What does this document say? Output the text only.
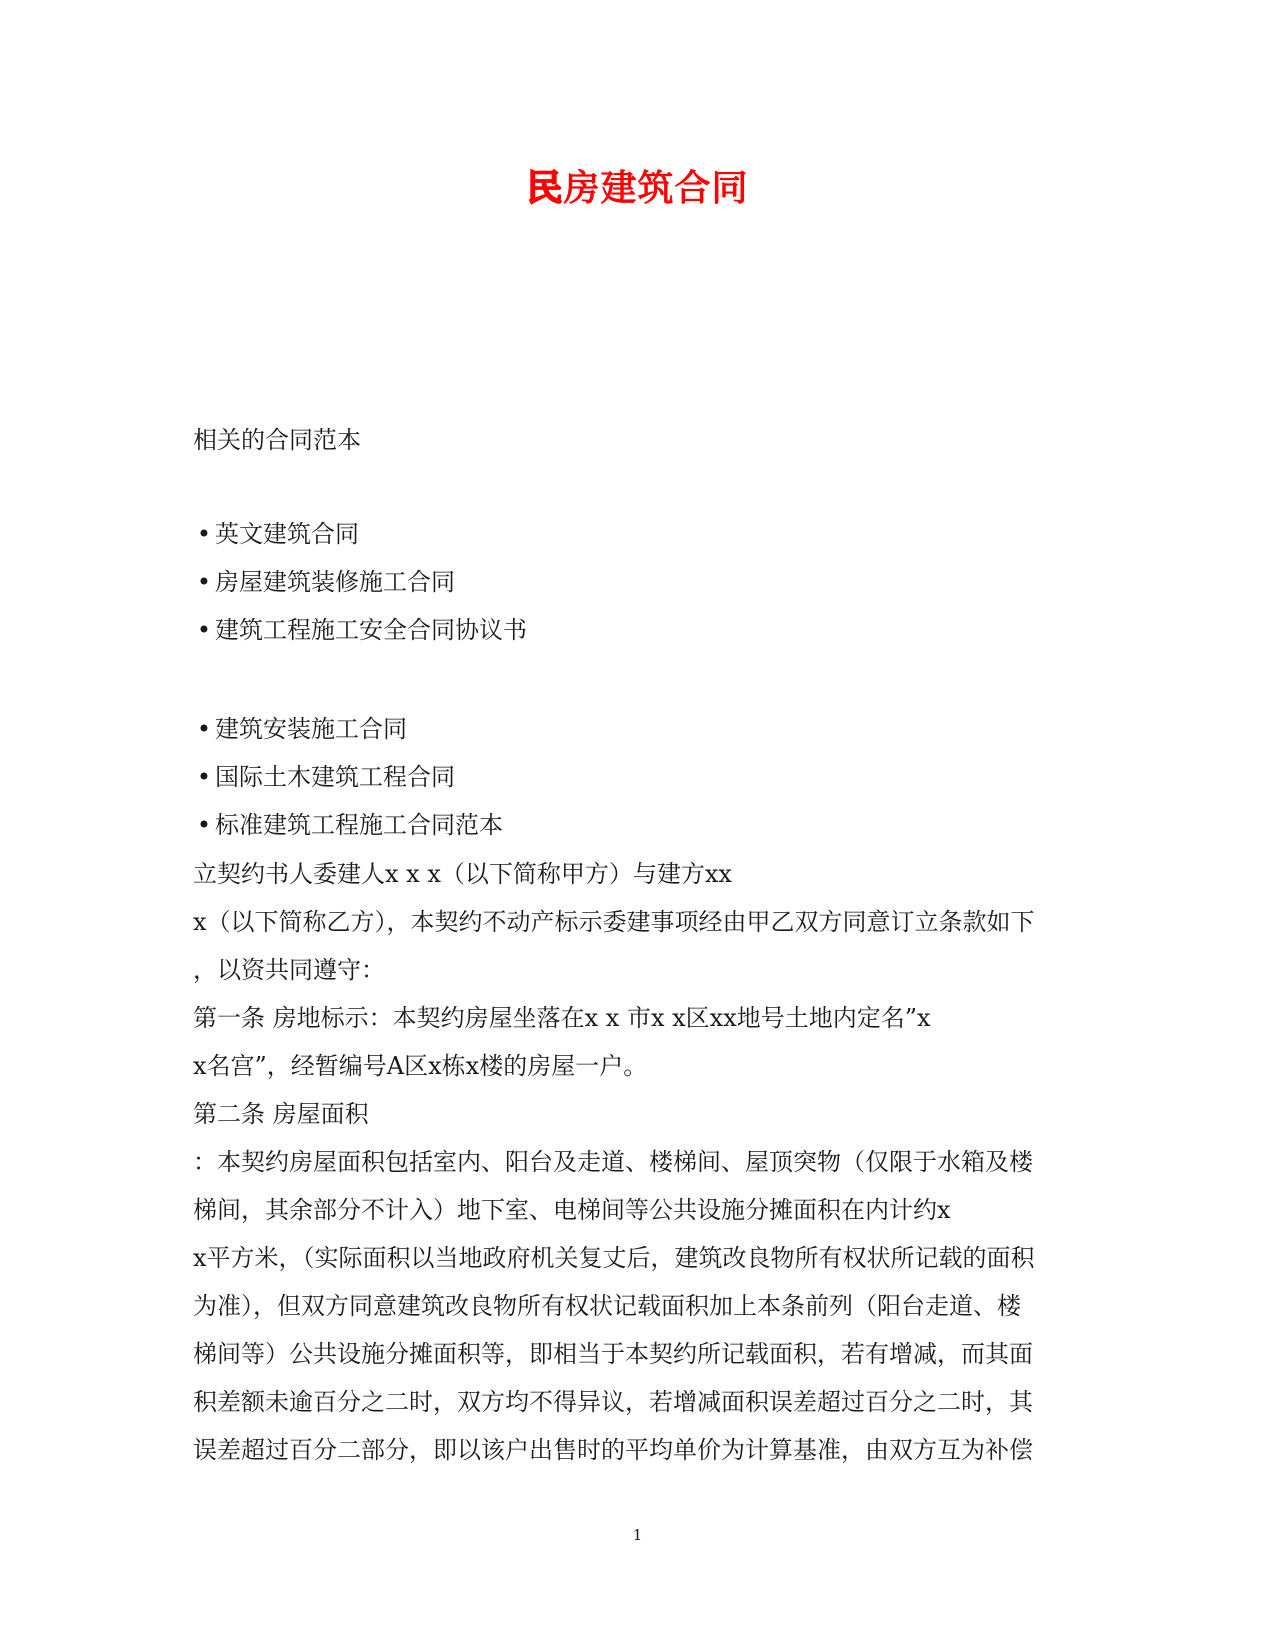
民房建筑合同
相关的合同范本
• 英文建筑合同
• 房屋建筑装修施工合同
• 建筑工程施工安全合同协议书
• 建筑安装施工合同
• 国际土木建筑工程合同
• 标准建筑工程施工合同范本
立契约书人委建人x x x（以下简称甲方）与建方xx
x（以下简称乙方），本契约不动产标示委建事项经由甲乙双方同意订立条款如下
，以资共同遵守：
第一条 房地标示：本契约房屋坐落在x x 市x x区xx地号土地内定名”x
x名宫”，经暂编号A区x栋x楼的房屋一户。
第二条 房屋面积
：本契约房屋面积包括室内、阳台及走道、楼梯间、屋顶突物（仅限于水箱及楼
梯间，其余部分不计入）地下室、电梯间等公共设施分摊面积在内计约x
x平方米，（实际面积以当地政府机关复丈后，建筑改良物所有权状所记载的面积
为准），但双方同意建筑改良物所有权状记载面积加上本条前列（阳台走道、楼
梯间等）公共设施分摊面积等，即相当于本契约所记载面积，若有增减，而其面
积差额未逾百分之二时，双方均不得异议，若增减面积误差超过百分之二时，其
误差超过百分二部分，即以该户出售时的平均单价为计算基准，由双方互为补偿
1
